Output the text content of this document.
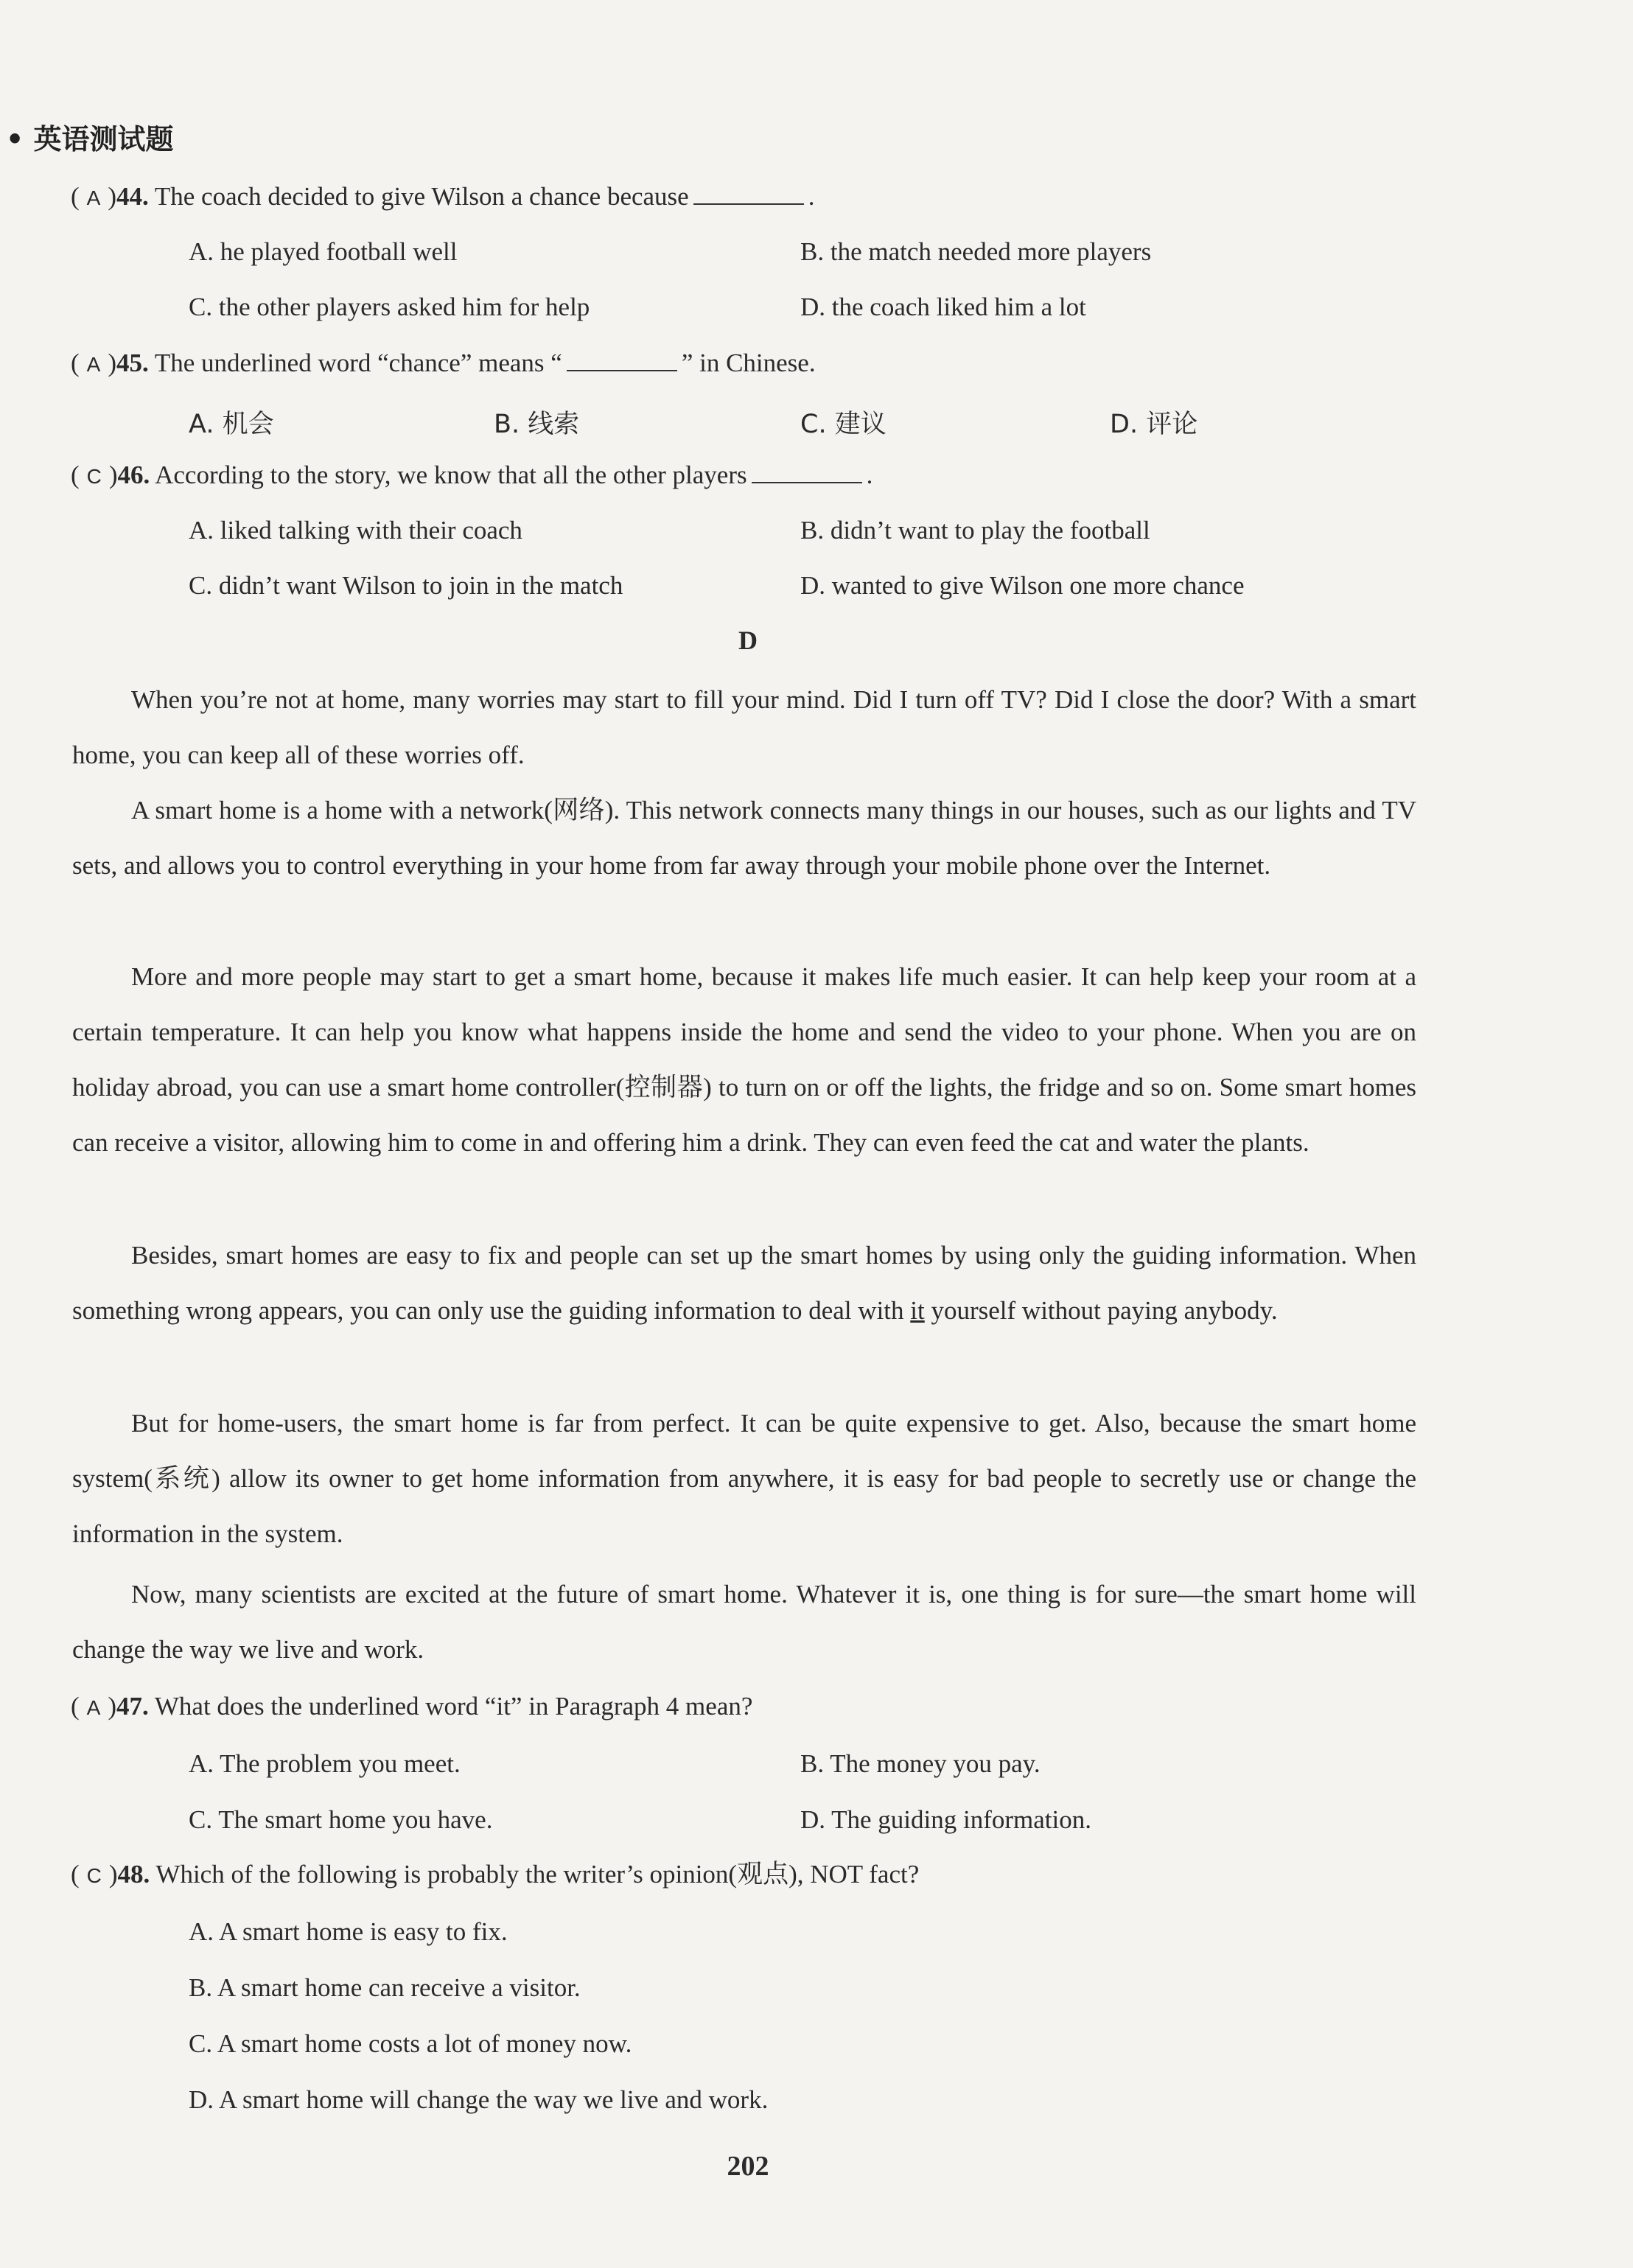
• 英语测试题
( A )44. The coach decided to give Wilson a chance because	.
A. he played football well	B. the match needed more players
C. the other players asked him for help	D. the coach liked him a lot
( A )45. The underlined word “chance” means “	” in Chinese.
A. 机会	B. 线索	C. 建议	D. 评论
( C )46. According to the story, we know that all the other players	.
A. liked talking with their coach	B. didn’t want to play the football
C. didn’t want Wilson to join in the match	D. wanted to give Wilson one more chance
D
When you’re not at home, many worries may start to fill your mind. Did I turn off TV? Did I close the door? With a smart home, you can keep all of these worries off.
A smart home is a home with a network(网络). This network connects many things in our houses, such as our lights and TV sets, and allows you to control everything in your home from far away through your mobile phone over the Internet.
More and more people may start to get a smart home, because it makes life much easier. It can help keep your room at a certain temperature. It can help you know what happens inside the home and send the video to your phone. When you are on holiday abroad, you can use a smart home controller(控制器) to turn on or off the lights, the fridge and so on. Some smart homes can receive a visitor, allowing him to come in and offering him a drink. They can even feed the cat and water the plants.
Besides, smart homes are easy to fix and people can set up the smart homes by using only the guiding information. When something wrong appears, you can only use the guiding information to deal with it yourself without paying anybody.
But for home-users, the smart home is far from perfect. It can be quite expensive to get. Also, because the smart home system(系统) allow its owner to get home information from anywhere, it is easy for bad people to secretly use or change the information in the system.
Now, many scientists are excited at the future of smart home. Whatever it is, one thing is for sure—the smart home will change the way we live and work.
( A )47. What does the underlined word “it” in Paragraph 4 mean?
A. The problem you meet.	B. The money you pay.
C. The smart home you have.	D. The guiding information.
( C )48. Which of the following is probably the writer’s opinion(观点), NOT fact?
A. A smart home is easy to fix.
B. A smart home can receive a visitor.
C. A smart home costs a lot of money now.
D. A smart home will change the way we live and work.
202
